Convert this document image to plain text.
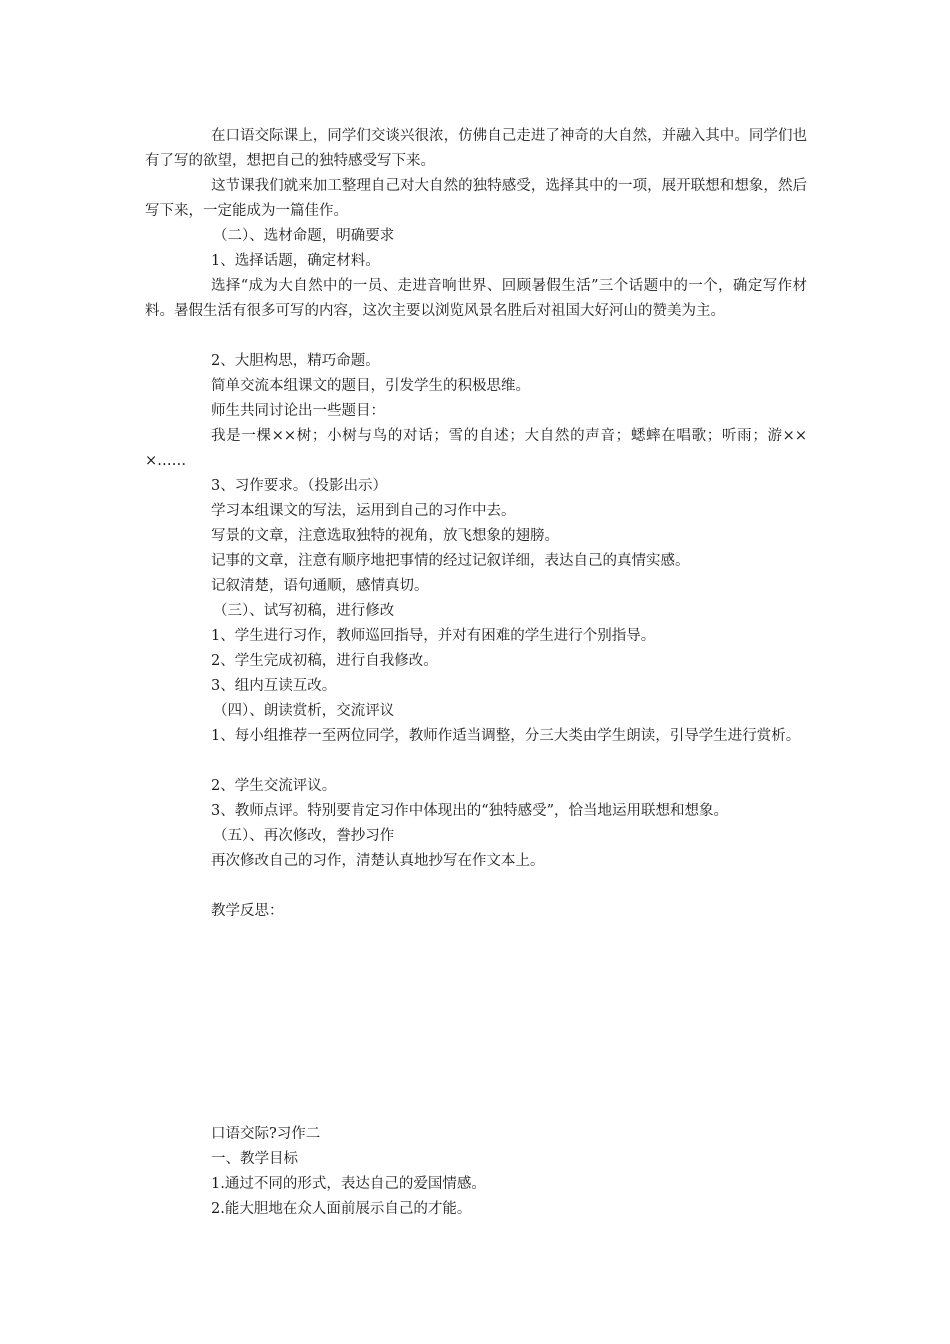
在口语交际课上，同学们交谈兴很浓，仿佛自己走进了神奇的大自然，并融入其中。同学们也有了写的欲望，想把自己的独特感受写下来。

这节课我们就来加工整理自己对大自然的独特感受，选择其中的一项，展开联想和想象，然后写下来，一定能成为一篇佳作。

（二）、选材命题，明确要求

1、选择话题，确定材料。

选择“成为大自然中的一员、走进音响世界、回顾暑假生活”三个话题中的一个，确定写作材料。暑假生活有很多可写的内容，这次主要以浏览风景名胜后对祖国大好河山的赞美为主。

2、大胆构思，精巧命题。

简单交流本组课文的题目，引发学生的积极思维。

师生共同讨论出一些题目：

我是一棵××树；小树与鸟的对话；雪的自述；大自然的声音；蟋蟀在唱歌；听雨；游×××……

3、习作要求。（投影出示）

学习本组课文的写法，运用到自己的习作中去。

写景的文章，注意选取独特的视角，放飞想象的翅膀。

记事的文章，注意有顺序地把事情的经过记叙详细，表达自己的真情实感。

记叙清楚，语句通顺，感情真切。

（三）、试写初稿，进行修改

1、学生进行习作，教师巡回指导，并对有困难的学生进行个别指导。

2、学生完成初稿，进行自我修改。

3、组内互读互改。

（四）、朗读赏析，交流评议

1、每小组推荐一至两位同学，教师作适当调整，分三大类由学生朗读，引导学生进行赏析。

2、学生交流评议。

3、教师点评。特别要肯定习作中体现出的“独特感受”，恰当地运用联想和想象。

（五）、再次修改，誊抄习作

再次修改自己的习作，清楚认真地抄写在作文本上。

教学反思：

口语交际?习作二

一、教学目标

1.通过不同的形式，表达自己的爱国情感。

2.能大胆地在众人面前展示自己的才能。
